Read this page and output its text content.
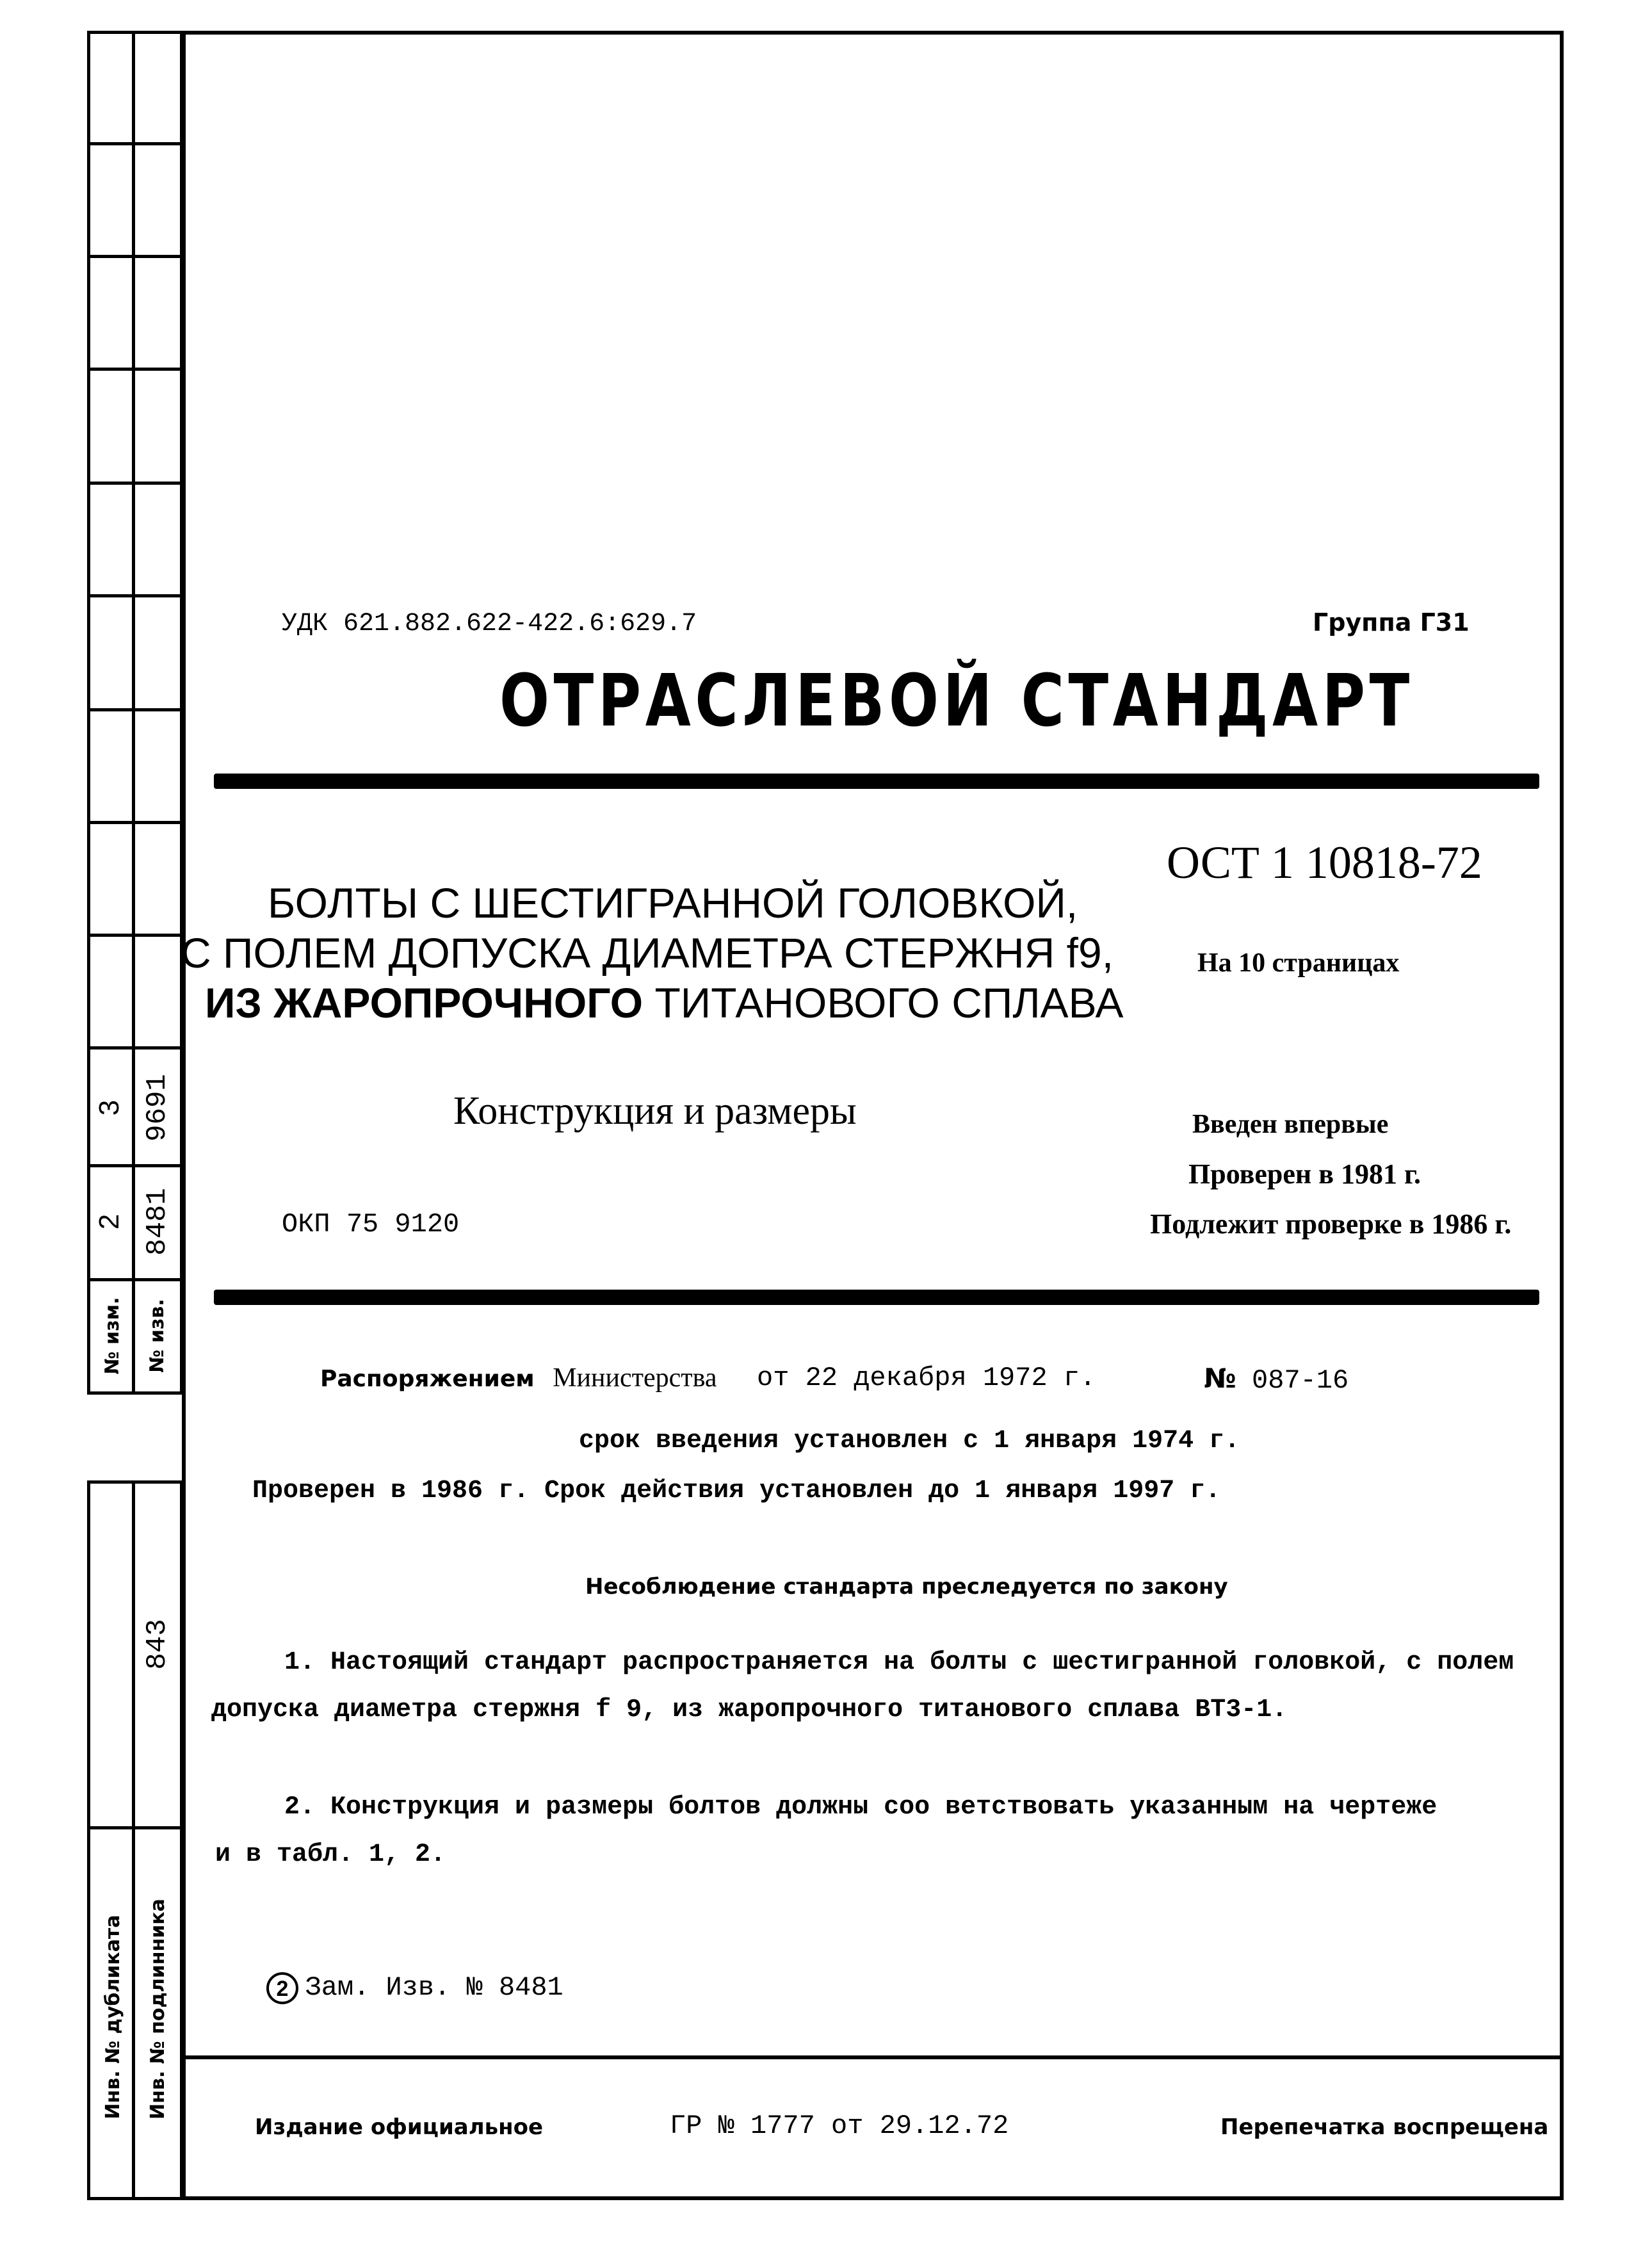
3 9691
2 8481
№ изм.	№ изв.
843
Инв. № дубликата	Инв. № подлинника
УДК 621.882.622-422.6:629.7	Группа Г31
ОТРАСЛЕВОЙ СТАНДАРТ
ОСТ 1 10818-72
БОЛТЫ С ШЕСТИГРАННОЙ ГОЛОВКОЙ,
С ПОЛЕМ ДОПУСКА ДИАМЕТРА СТЕРЖНЯ f9,	На 10 страницах
ИЗ ЖАРОПРОЧНОГО ТИТАНОВОГО СПЛАВА
Конструкция и размеры	Введен впервые
Проверен в 1981 г.
ОКП 75 9120	Подлежит проверке в 1986 г.
Распоряжением Министерства от 22 декабря 1972 г.	№ 087-16
срок введения установлен с 1 января 1974 г.
Проверен в 1986 г. Срок действия установлен до 1 января 1997 г.
Несоблюдение стандарта преследуется по закону
1. Настоящий стандарт распространяется на болты с шестигранной головкой, с полем
допуска диаметра стержня f 9, из жаропрочного титанового сплава ВТ3-1.
2. Конструкция и размеры болтов должны соо ветствовать указанным на чертеже
и в табл. 1, 2.
2 Зам. Изв. № 8481
Издание официальное	ГР № 1777 от 29.12.72	Перепечатка воспрещена
